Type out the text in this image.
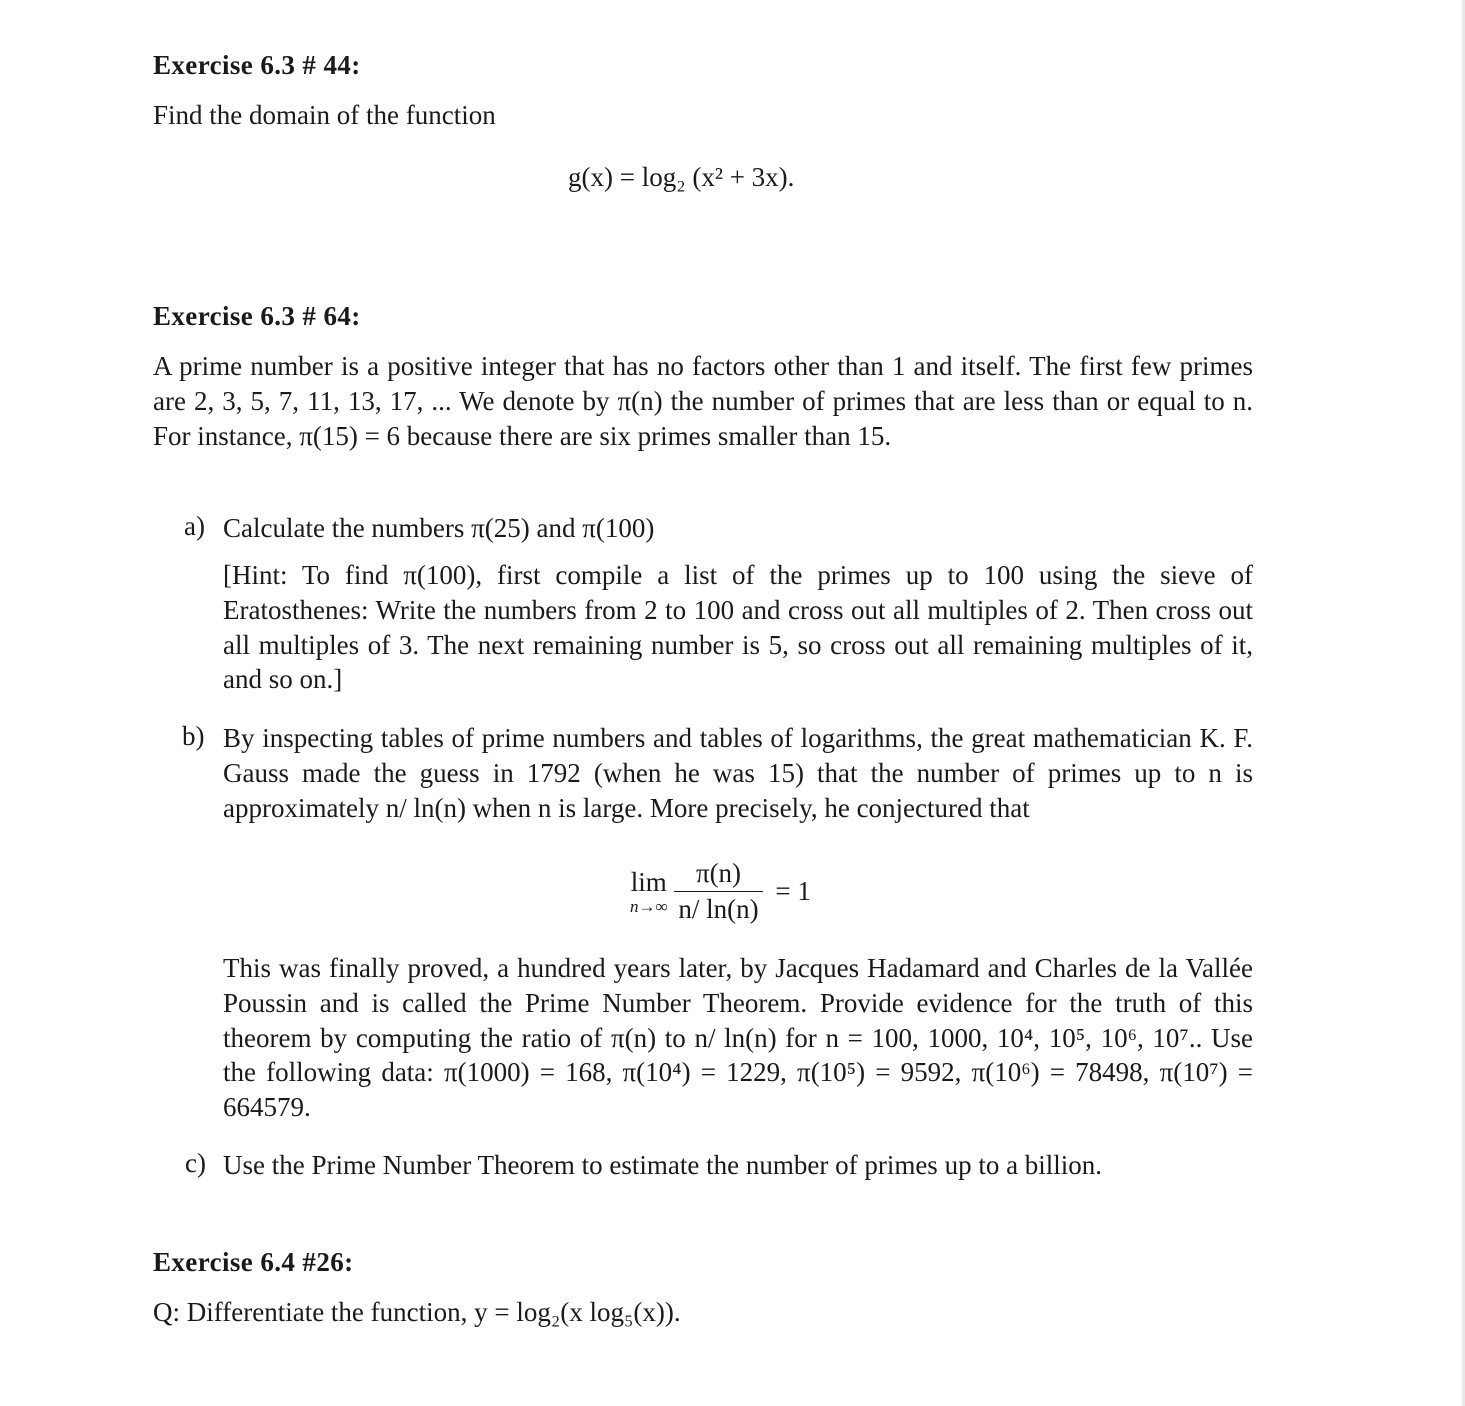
Exercise 6.3 # 44:
Find the domain of the function
g(x) = log₂ (x² + 3x).
Exercise 6.3 # 64:
A prime number is a positive integer that has no factors other than 1 and itself. The first few primes are 2, 3, 5, 7, 11, 13, 17, ... We denote by π(n) the number of primes that are less than or equal to n. For instance, π(15) = 6 because there are six primes smaller than 15.
a) Calculate the numbers π(25) and π(100)
[Hint: To find π(100), first compile a list of the primes up to 100 using the sieve of Eratosthenes: Write the numbers from 2 to 100 and cross out all multiples of 2. Then cross out all multiples of 3. The next remaining number is 5, so cross out all remaining multiples of it, and so on.]
b) By inspecting tables of prime numbers and tables of logarithms, the great mathematician K. F. Gauss made the guess in 1792 (when he was 15) that the number of primes up to n is approximately n/ ln(n) when n is large. More precisely, he conjectured that
lim
n→∞
$\frac{\pi(n)}{n/ \ln(n)} = 1$
This was finally proved, a hundred years later, by Jacques Hadamard and Charles de la Vallée Poussin and is called the Prime Number Theorem. Provide evidence for the truth of this theorem by computing the ratio of π(n) to n/ ln(n) for n = 100, 1000, 10⁴, 10⁵, 10⁶, 10⁷.. Use the following data: π(1000) = 168, π(10⁴) = 1229, π(10⁵) = 9592, π(10⁶) = 78498, π(10⁷) = 664579.
c) Use the Prime Number Theorem to estimate the number of primes up to a billion.
Exercise 6.4 #26:
Q: Differentiate the function, y = log₂(x log₅(x)).
